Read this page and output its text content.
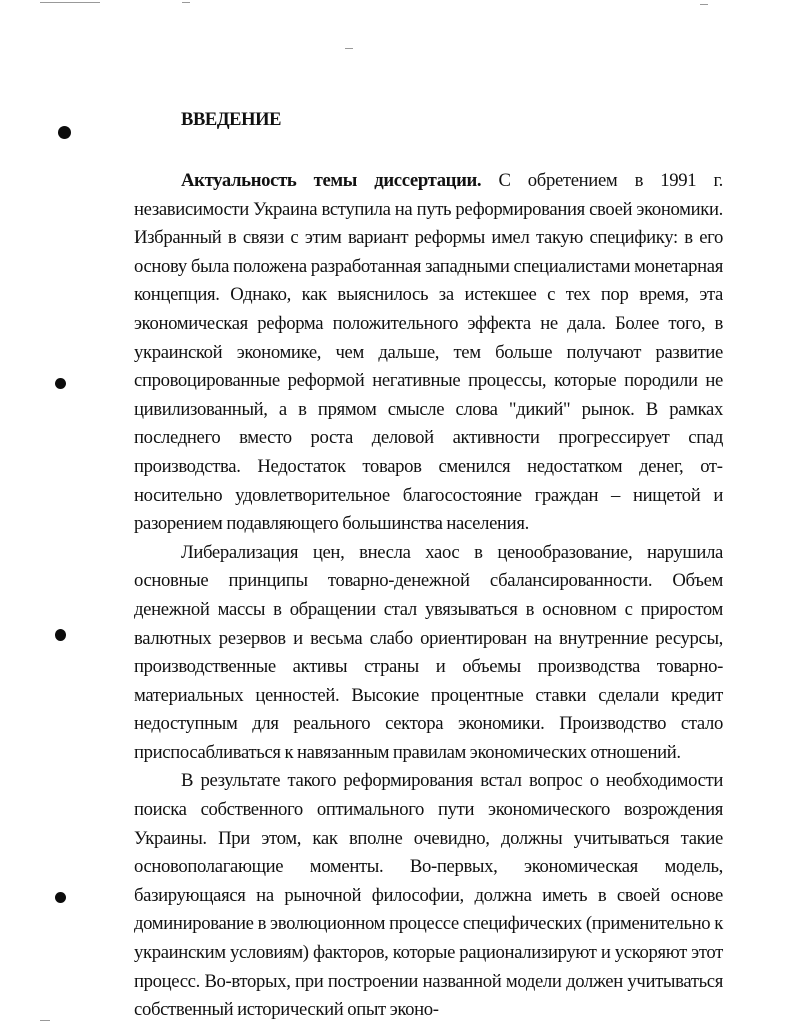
ВВЕДЕНИЕ

Актуальность темы диссертации. С обретением в 1991 г. независимости Украина вступила на путь реформирования своей экономики. Избранный в связи с этим вариант реформы имел такую специфику: в его основу была положена разработанная западными специалистами монетарная концепция. Однако, как выяснилось за истекшее с тех пор время, эта экономическая реформа положительного эффекта не дала. Более того, в украинской экономике, чем дальше, тем больше получают развитие спровоцированные реформой негативные процессы, которые породили не цивилизованный, а в прямом смысле слова "дикий" рынок. В рамках последнего вместо роста деловой активности прогрессирует спад производства. Недостаток товаров сменился недостатком денег, относительно удовлетворительное благосостояние граждан – нищетой и разорением подавляющего большинства населения.

Либерализация цен, внесла хаос в ценообразование, нарушила основные принципы товарно-денежной сбалансированности. Объем денежной массы в обращении стал увязываться в основном с приростом валютных резервов и весьма слабо ориентирован на внутренние ресурсы, производственные активы страны и объемы производства товарно-материальных ценностей. Высокие процентные ставки сделали кредит недоступным для реального сектора экономики. Производство стало приспосабливаться к навязанным правилам экономических отношений.

В результате такого реформирования встал вопрос о необходимости поиска собственного оптимального пути экономического возрождения Украины. При этом, как вполне очевидно, должны учитываться такие основополагающие моменты. Во-первых, экономическая модель, базирующаяся на рыночной философии, должна иметь в своей основе доминирование в эволюционном процессе специфических (применительно к украинским условиям) факторов, которые рационализируют и ускоряют этот процесс. Во-вторых, при построении названной модели должен учитываться собственный исторический опыт эконо-
